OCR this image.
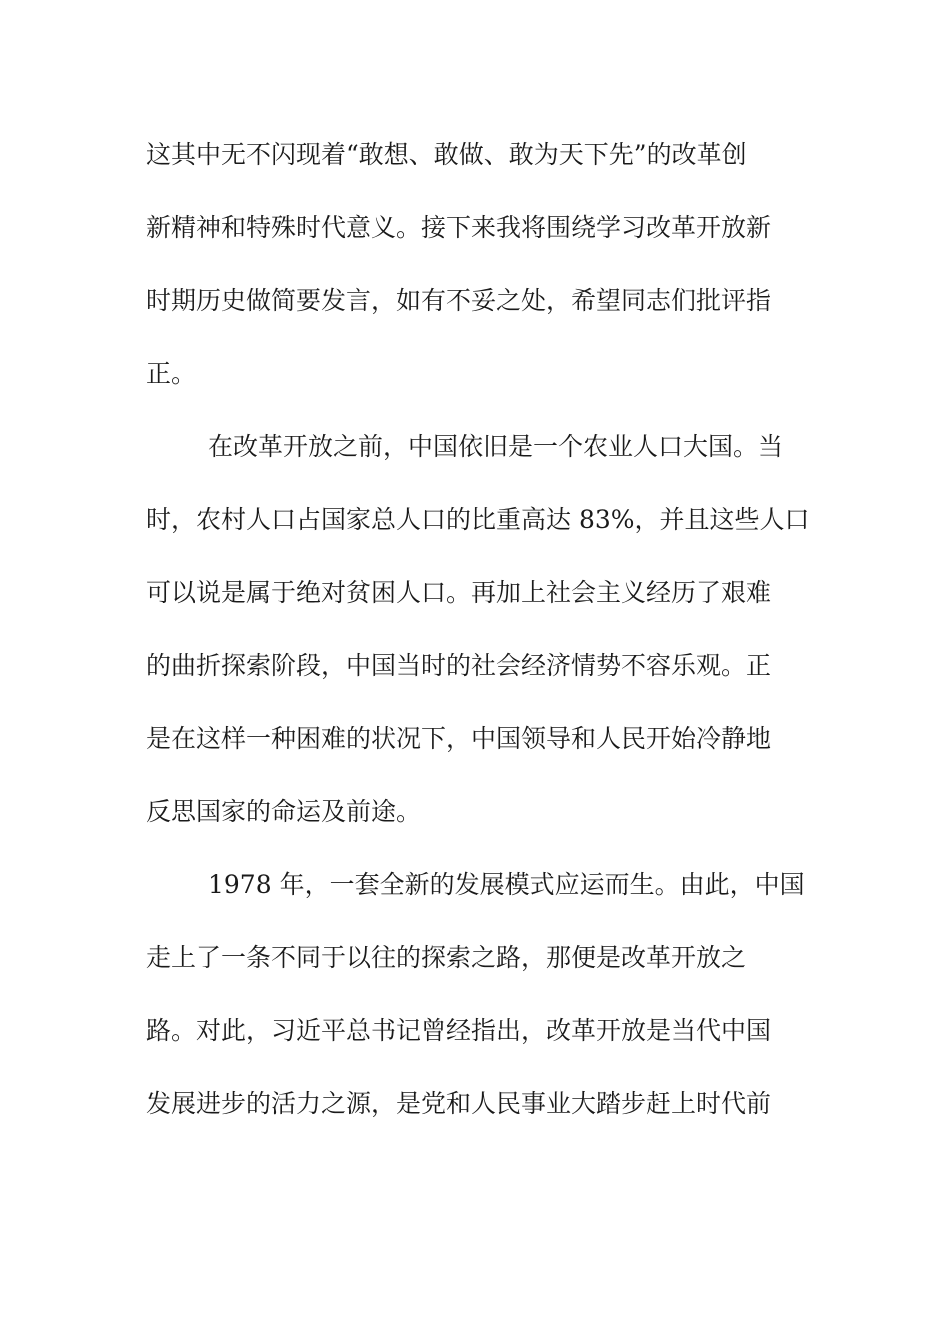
这其中无不闪现着“敢想、敢做、敢为天下先”的改革创
新精神和特殊时代意义。接下来我将围绕学习改革开放新
时期历史做简要发言，如有不妥之处，希望同志们批评指
正。
在改革开放之前，中国依旧是一个农业人口大国。当
时，农村人口占国家总人口的比重高达 83%，并且这些人口
可以说是属于绝对贫困人口。再加上社会主义经历了艰难
的曲折探索阶段，中国当时的社会经济情势不容乐观。正
是在这样一种困难的状况下，中国领导和人民开始冷静地
反思国家的命运及前途。
1978 年，一套全新的发展模式应运而生。由此，中国
走上了一条不同于以往的探索之路，那便是改革开放之
路。对此，习近平总书记曾经指出，改革开放是当代中国
发展进步的活力之源，是党和人民事业大踏步赶上时代前
